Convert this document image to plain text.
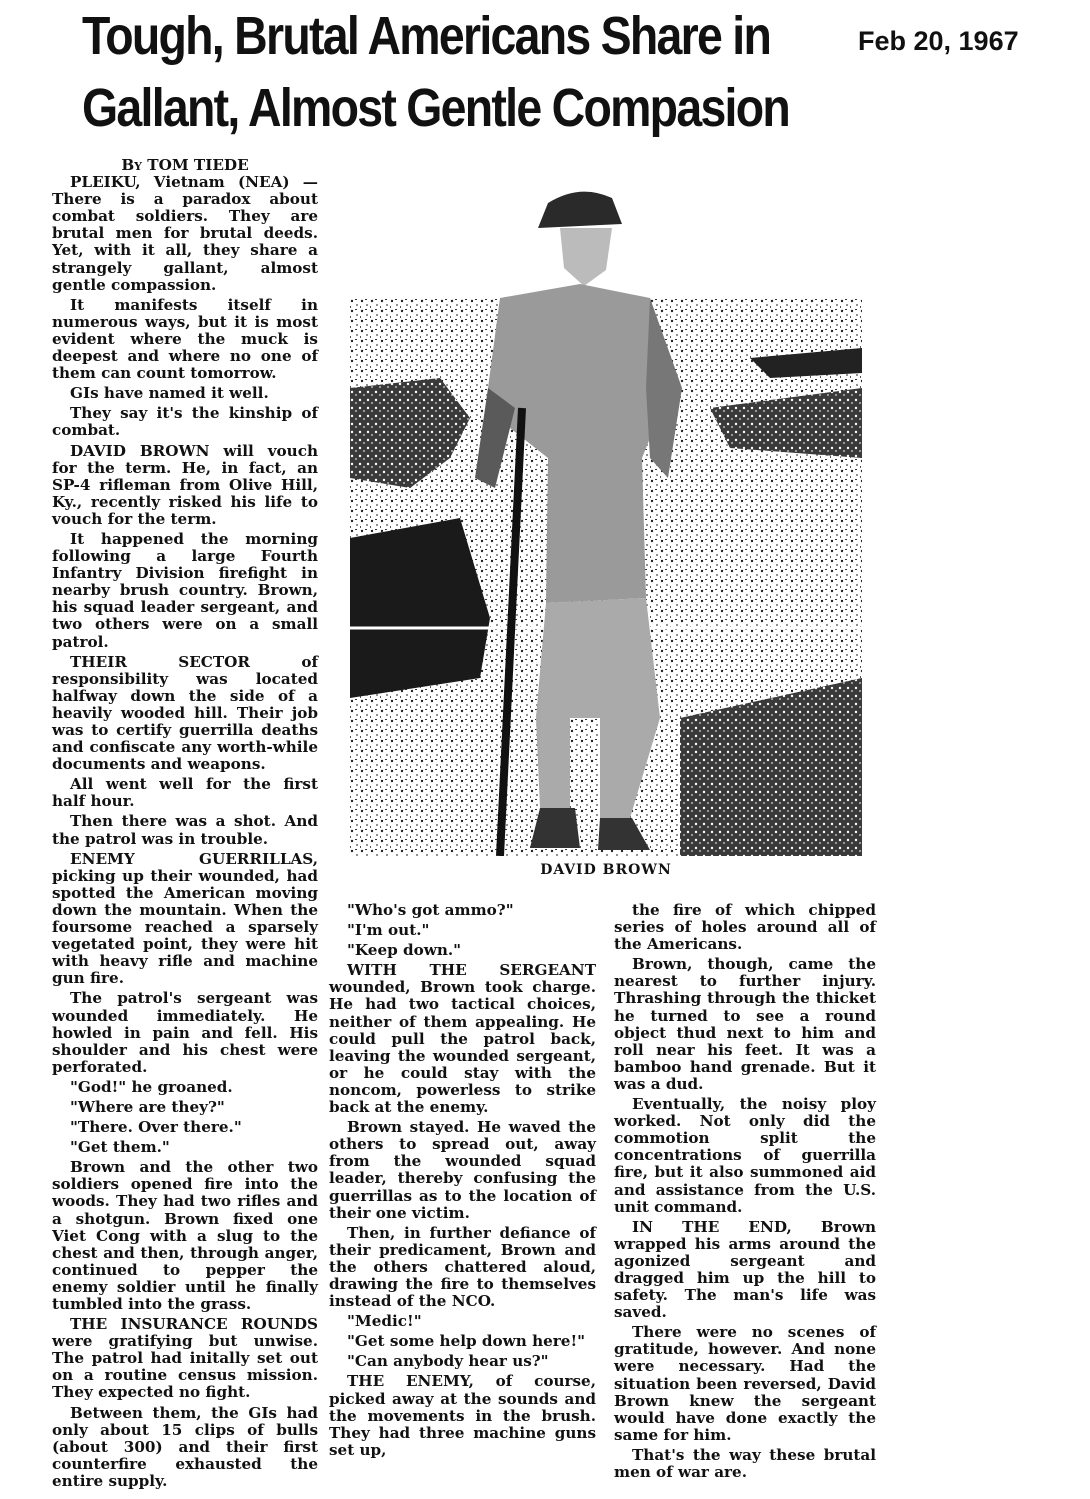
Tough, Brutal Americans Share in
Gallant, Almost Gentle Compasion
Feb 20, 1967

By TOM TIEDE

PLEIKU, Vietnam (NEA) — There is a paradox about combat soldiers. They are brutal men for brutal deeds. Yet, with it all, they share a strangely gallant, almost gentle compassion.

It manifests itself in numerous ways, but it is most evident where the muck is deepest and where no one of them can count tomorrow.

GIs have named it well.

They say it's the kinship of combat.

DAVID BROWN will vouch for the term. He, in fact, an SP-4 rifleman from Olive Hill, Ky., recently risked his life to vouch for the term.

It happened the morning following a large Fourth Infantry Division firefight in nearby brush country. Brown, his squad leader sergeant, and two others were on a small patrol.

THEIR SECTOR of responsibility was located halfway down the side of a heavily wooded hill. Their job was to certify guerrilla deaths and confiscate any worth-while documents and weapons.

All went well for the first half hour.

Then there was a shot. And the patrol was in trouble.

ENEMY GUERRILLAS, picking up their wounded, had spotted the American moving down the mountain. When the foursome reached a sparsely vegetated point, they were hit with heavy rifle and machine gun fire.

The patrol's sergeant was wounded immediately. He howled in pain and fell. His shoulder and his chest were perforated.

"God!" he groaned.

"Where are they?"

"There. Over there."

"Get them."

Brown and the other two soldiers opened fire into the woods. They had two rifles and a shotgun. Brown fixed one Viet Cong with a slug to the chest and then, through anger, continued to pepper the enemy soldier until he finally tumbled into the grass.

THE INSURANCE ROUNDS were gratifying but unwise. The patrol had initally set out on a routine census mission. They expected no fight.

Between them, the GIs had only about 15 clips of bulls (about 300) and their first counterfire exhausted the entire supply.

DAVID BROWN

"Who's got ammo?"

"I'm out."

"Keep down."

WITH THE SERGEANT wounded, Brown took charge. He had two tactical choices, neither of them appealing. He could pull the patrol back, leaving the wounded sergeant, or he could stay with the noncom, powerless to strike back at the enemy.

Brown stayed. He waved the others to spread out, away from the wounded squad leader, thereby confusing the guerrillas as to the location of their one victim.

Then, in further defiance of their predicament, Brown and the others chattered aloud, drawing the fire to themselves instead of the NCO.

"Medic!"

"Get some help down here!"

"Can anybody hear us?"

THE ENEMY, of course, picked away at the sounds and the movements in the brush. They had three machine guns set up,

the fire of which chipped series of holes around all of the Americans.

Brown, though, came the nearest to further injury. Thrashing through the thicket he turned to see a round object thud next to him and roll near his feet. It was a bamboo hand grenade. But it was a dud.

Eventually, the noisy ploy worked. Not only did the commotion split the concentrations of guerrilla fire, but it also summoned aid and assistance from the U.S. unit command.

IN THE END, Brown wrapped his arms around the agonized sergeant and dragged him up the hill to safety. The man's life was saved.

There were no scenes of gratitude, however. And none were necessary. Had the situation been reversed, David Brown knew the sergeant would have done exactly the same for him.

That's the way these brutal men of war are.
